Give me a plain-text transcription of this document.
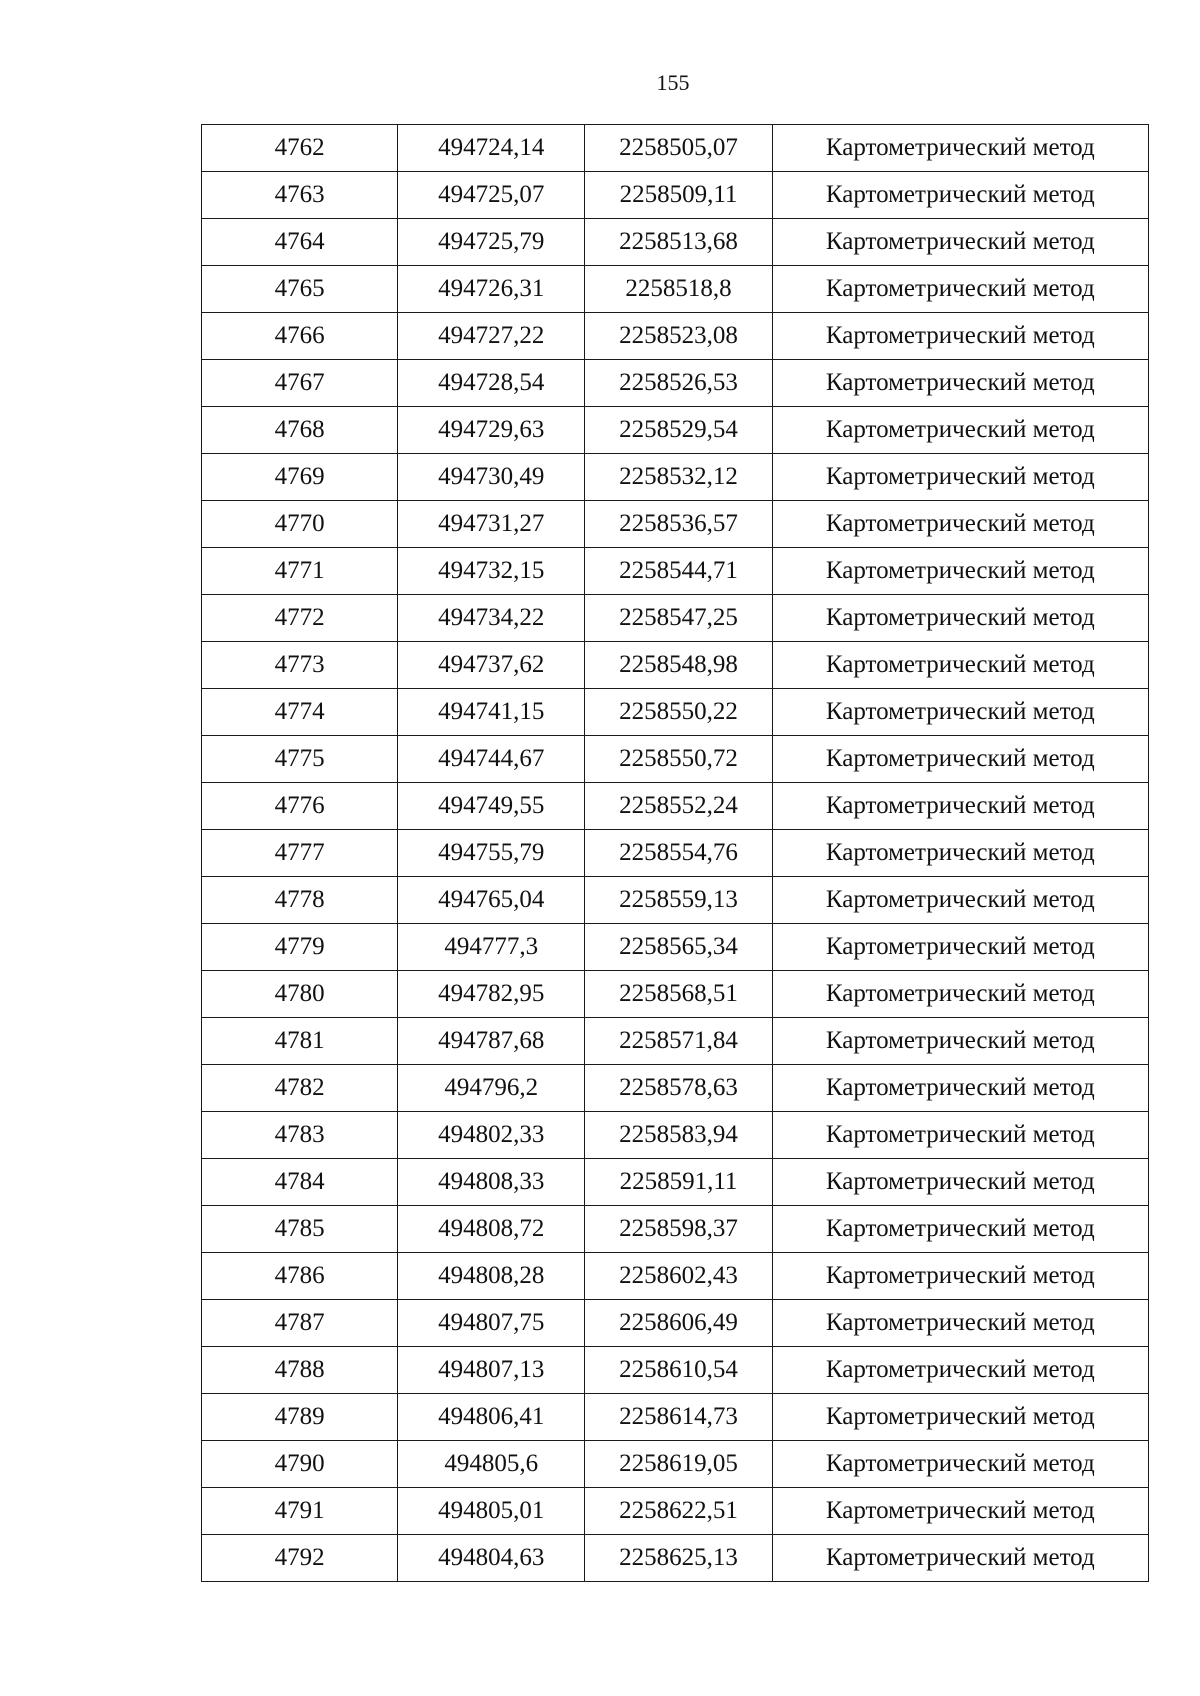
155
4762	494724,14	2258505,07	Картометрический метод
4763	494725,07	2258509,11	Картометрический метод
4764	494725,79	2258513,68	Картометрический метод
4765	494726,31	2258518,8	Картометрический метод
4766	494727,22	2258523,08	Картометрический метод
4767	494728,54	2258526,53	Картометрический метод
4768	494729,63	2258529,54	Картометрический метод
4769	494730,49	2258532,12	Картометрический метод
4770	494731,27	2258536,57	Картометрический метод
4771	494732,15	2258544,71	Картометрический метод
4772	494734,22	2258547,25	Картометрический метод
4773	494737,62	2258548,98	Картометрический метод
4774	494741,15	2258550,22	Картометрический метод
4775	494744,67	2258550,72	Картометрический метод
4776	494749,55	2258552,24	Картометрический метод
4777	494755,79	2258554,76	Картометрический метод
4778	494765,04	2258559,13	Картометрический метод
4779	494777,3	2258565,34	Картометрический метод
4780	494782,95	2258568,51	Картометрический метод
4781	494787,68	2258571,84	Картометрический метод
4782	494796,2	2258578,63	Картометрический метод
4783	494802,33	2258583,94	Картометрический метод
4784	494808,33	2258591,11	Картометрический метод
4785	494808,72	2258598,37	Картометрический метод
4786	494808,28	2258602,43	Картометрический метод
4787	494807,75	2258606,49	Картометрический метод
4788	494807,13	2258610,54	Картометрический метод
4789	494806,41	2258614,73	Картометрический метод
4790	494805,6	2258619,05	Картометрический метод
4791	494805,01	2258622,51	Картометрический метод
4792	494804,63	2258625,13	Картометрический метод
